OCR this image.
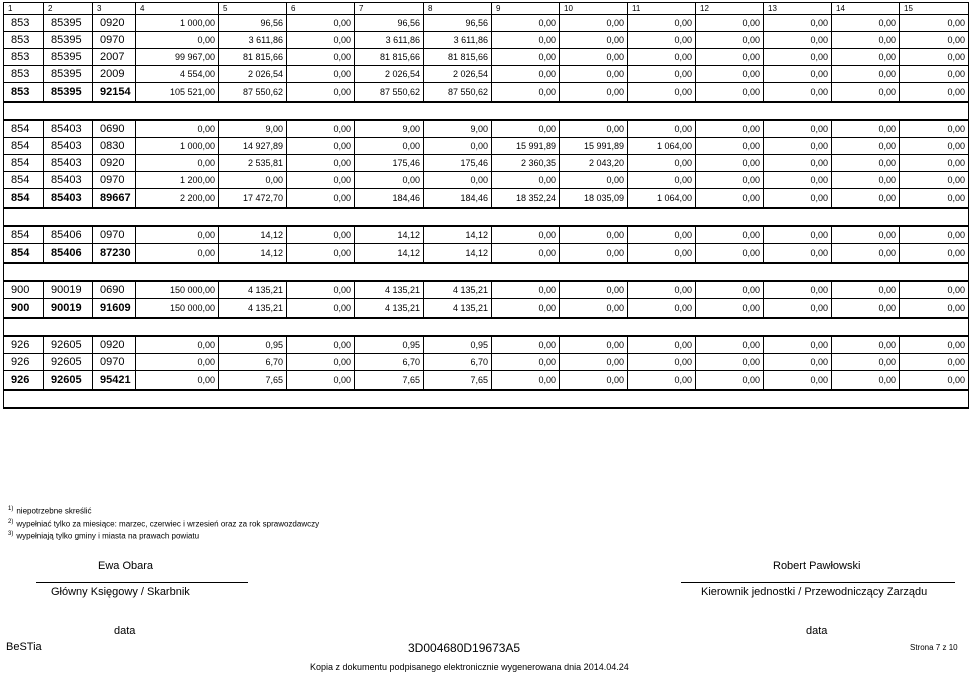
1	2	3	4	5	6	7	8	9	10	11	12	13	14	15
853	85395	0920	1 000,00	96,56	0,00	96,56	96,56	0,00	0,00	0,00	0,00	0,00	0,00	0,00
853	85395	0970	0,00	3 611,86	0,00	3 611,86	3 611,86	0,00	0,00	0,00	0,00	0,00	0,00	0,00
853	85395	2007	99 967,00	81 815,66	0,00	81 815,66	81 815,66	0,00	0,00	0,00	0,00	0,00	0,00	0,00
853	85395	2009	4 554,00	2 026,54	0,00	2 026,54	2 026,54	0,00	0,00	0,00	0,00	0,00	0,00	0,00
853	85395	92154	105 521,00	87 550,62	0,00	87 550,62	87 550,62	0,00	0,00	0,00	0,00	0,00	0,00	0,00

854	85403	0690	0,00	9,00	0,00	9,00	9,00	0,00	0,00	0,00	0,00	0,00	0,00	0,00
854	85403	0830	1 000,00	14 927,89	0,00	0,00	0,00	15 991,89	15 991,89	1 064,00	0,00	0,00	0,00	0,00
854	85403	0920	0,00	2 535,81	0,00	175,46	175,46	2 360,35	2 043,20	0,00	0,00	0,00	0,00	0,00
854	85403	0970	1 200,00	0,00	0,00	0,00	0,00	0,00	0,00	0,00	0,00	0,00	0,00	0,00
854	85403	89667	2 200,00	17 472,70	0,00	184,46	184,46	18 352,24	18 035,09	1 064,00	0,00	0,00	0,00	0,00

854	85406	0970	0,00	14,12	0,00	14,12	14,12	0,00	0,00	0,00	0,00	0,00	0,00	0,00
854	85406	87230	0,00	14,12	0,00	14,12	14,12	0,00	0,00	0,00	0,00	0,00	0,00	0,00

900	90019	0690	150 000,00	4 135,21	0,00	4 135,21	4 135,21	0,00	0,00	0,00	0,00	0,00	0,00	0,00
900	90019	91609	150 000,00	4 135,21	0,00	4 135,21	4 135,21	0,00	0,00	0,00	0,00	0,00	0,00	0,00

926	92605	0920	0,00	0,95	0,00	0,95	0,95	0,00	0,00	0,00	0,00	0,00	0,00	0,00
926	92605	0970	0,00	6,70	0,00	6,70	6,70	0,00	0,00	0,00	0,00	0,00	0,00	0,00
926	92605	95421	0,00	7,65	0,00	7,65	7,65	0,00	0,00	0,00	0,00	0,00	0,00	0,00

$^{1)}$ niepotrzebne skreślić
$^{2)}$ wypełniać tylko za miesiące: marzec, czerwiec i wrzesień oraz za rok sprawozdawczy
$^{3)}$ wypełniają tylko gminy i miasta na prawach powiatu
Ewa Obara
Główny Księgowy / Skarbnik
Robert Pawłowski
Kierownik jednostki / Przewodniczący Zarządu
data	data
BeSTia	3D004680D19673A5	Strona 7 z 10
Kopia z dokumentu podpisanego elektronicznie wygenerowana dnia 2014.04.24
